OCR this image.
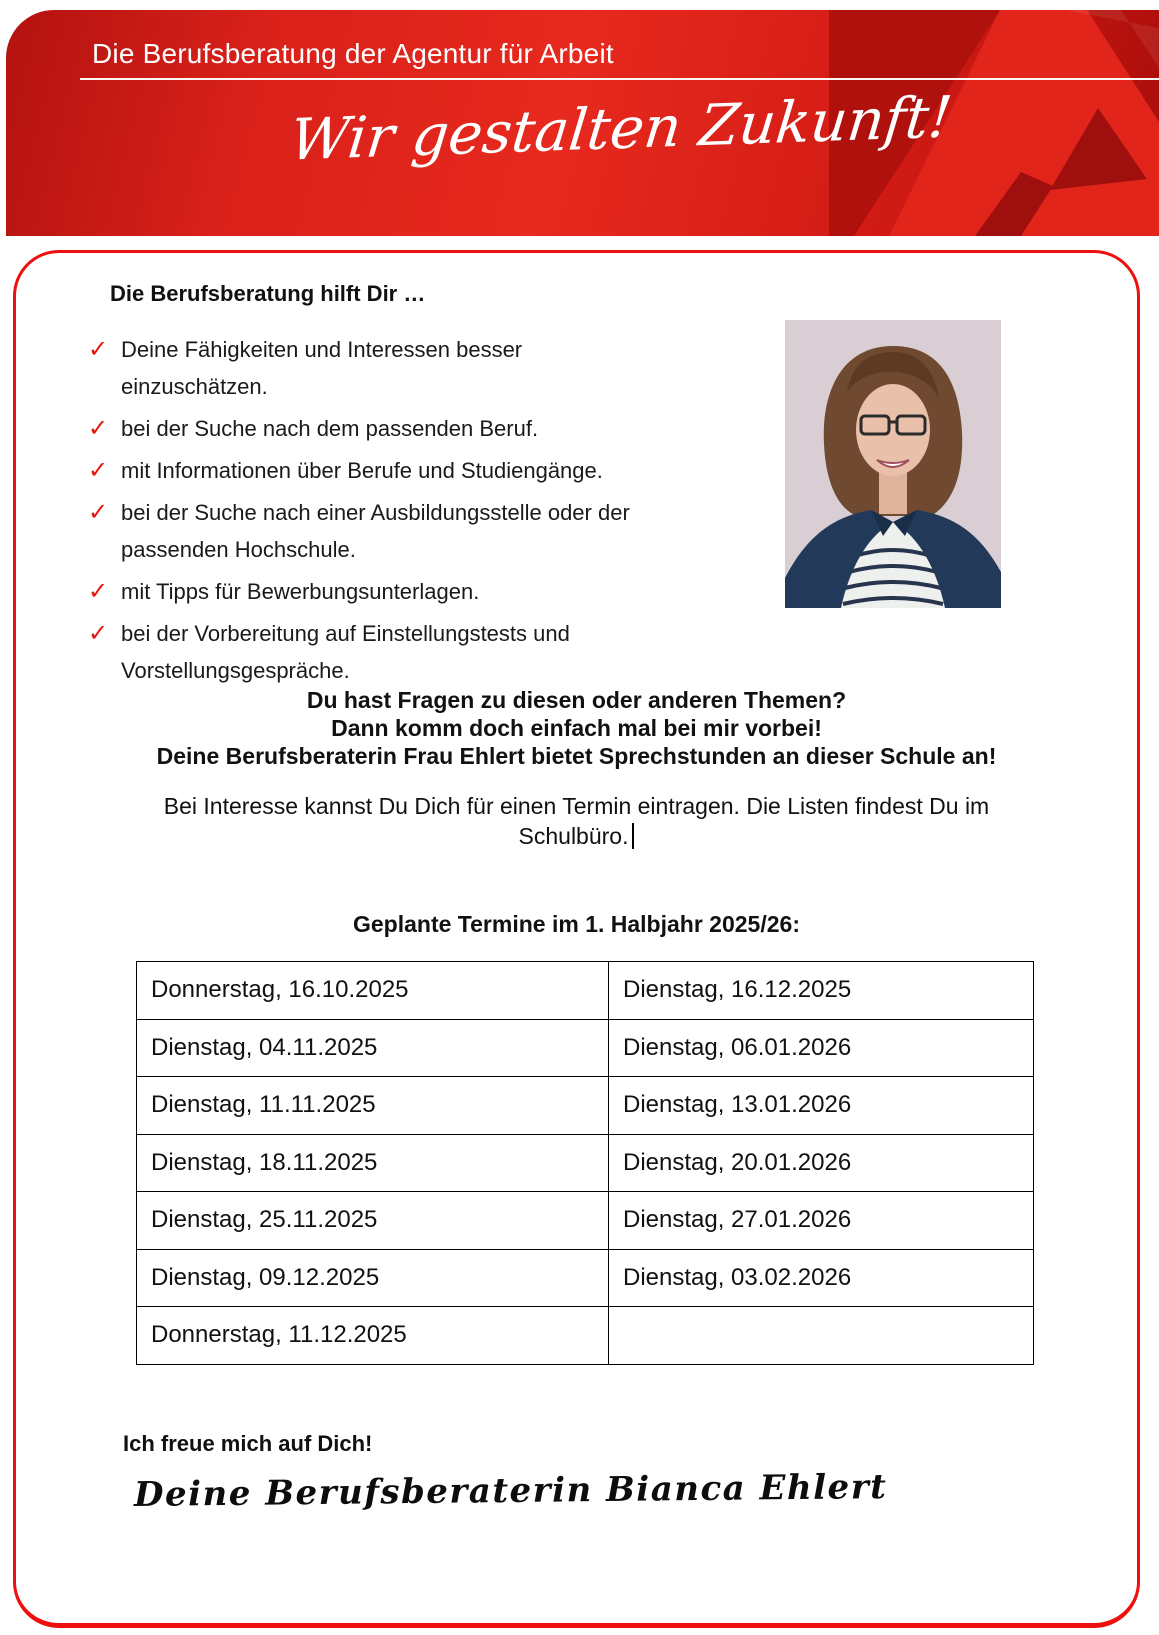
Die Berufsberatung der Agentur für Arbeit
Wir gestalten Zukunft!
Die Berufsberatung hilft Dir …
✓ Deine Fähigkeiten und Interessen besser einzuschätzen.
✓ bei der Suche nach dem passenden Beruf.
✓ mit Informationen über Berufe und Studiengänge.
✓ bei der Suche nach einer Ausbildungsstelle oder der passenden Hochschule.
✓ mit Tipps für Bewerbungsunterlagen.
✓ bei der Vorbereitung auf Einstellungstests und Vorstellungsgespräche.
Du hast Fragen zu diesen oder anderen Themen?
Dann komm doch einfach mal bei mir vorbei!
Deine Berufsberaterin Frau Ehlert bietet Sprechstunden an dieser Schule an!

Bei Interesse kannst Du Dich für einen Termin eintragen. Die Listen findest Du im Schulbüro.

Geplante Termine im 1. Halbjahr 2025/26:
Donnerstag, 16.10.2025	Dienstag, 16.12.2025
Dienstag, 04.11.2025	Dienstag, 06.01.2026
Dienstag, 11.11.2025	Dienstag, 13.01.2026
Dienstag, 18.11.2025	Dienstag, 20.01.2026
Dienstag, 25.11.2025	Dienstag, 27.01.2026
Dienstag, 09.12.2025	Dienstag, 03.02.2026
Donnerstag, 11.12.2025	
Ich freue mich auf Dich!
Deine Berufsberaterin Bianca Ehlert
